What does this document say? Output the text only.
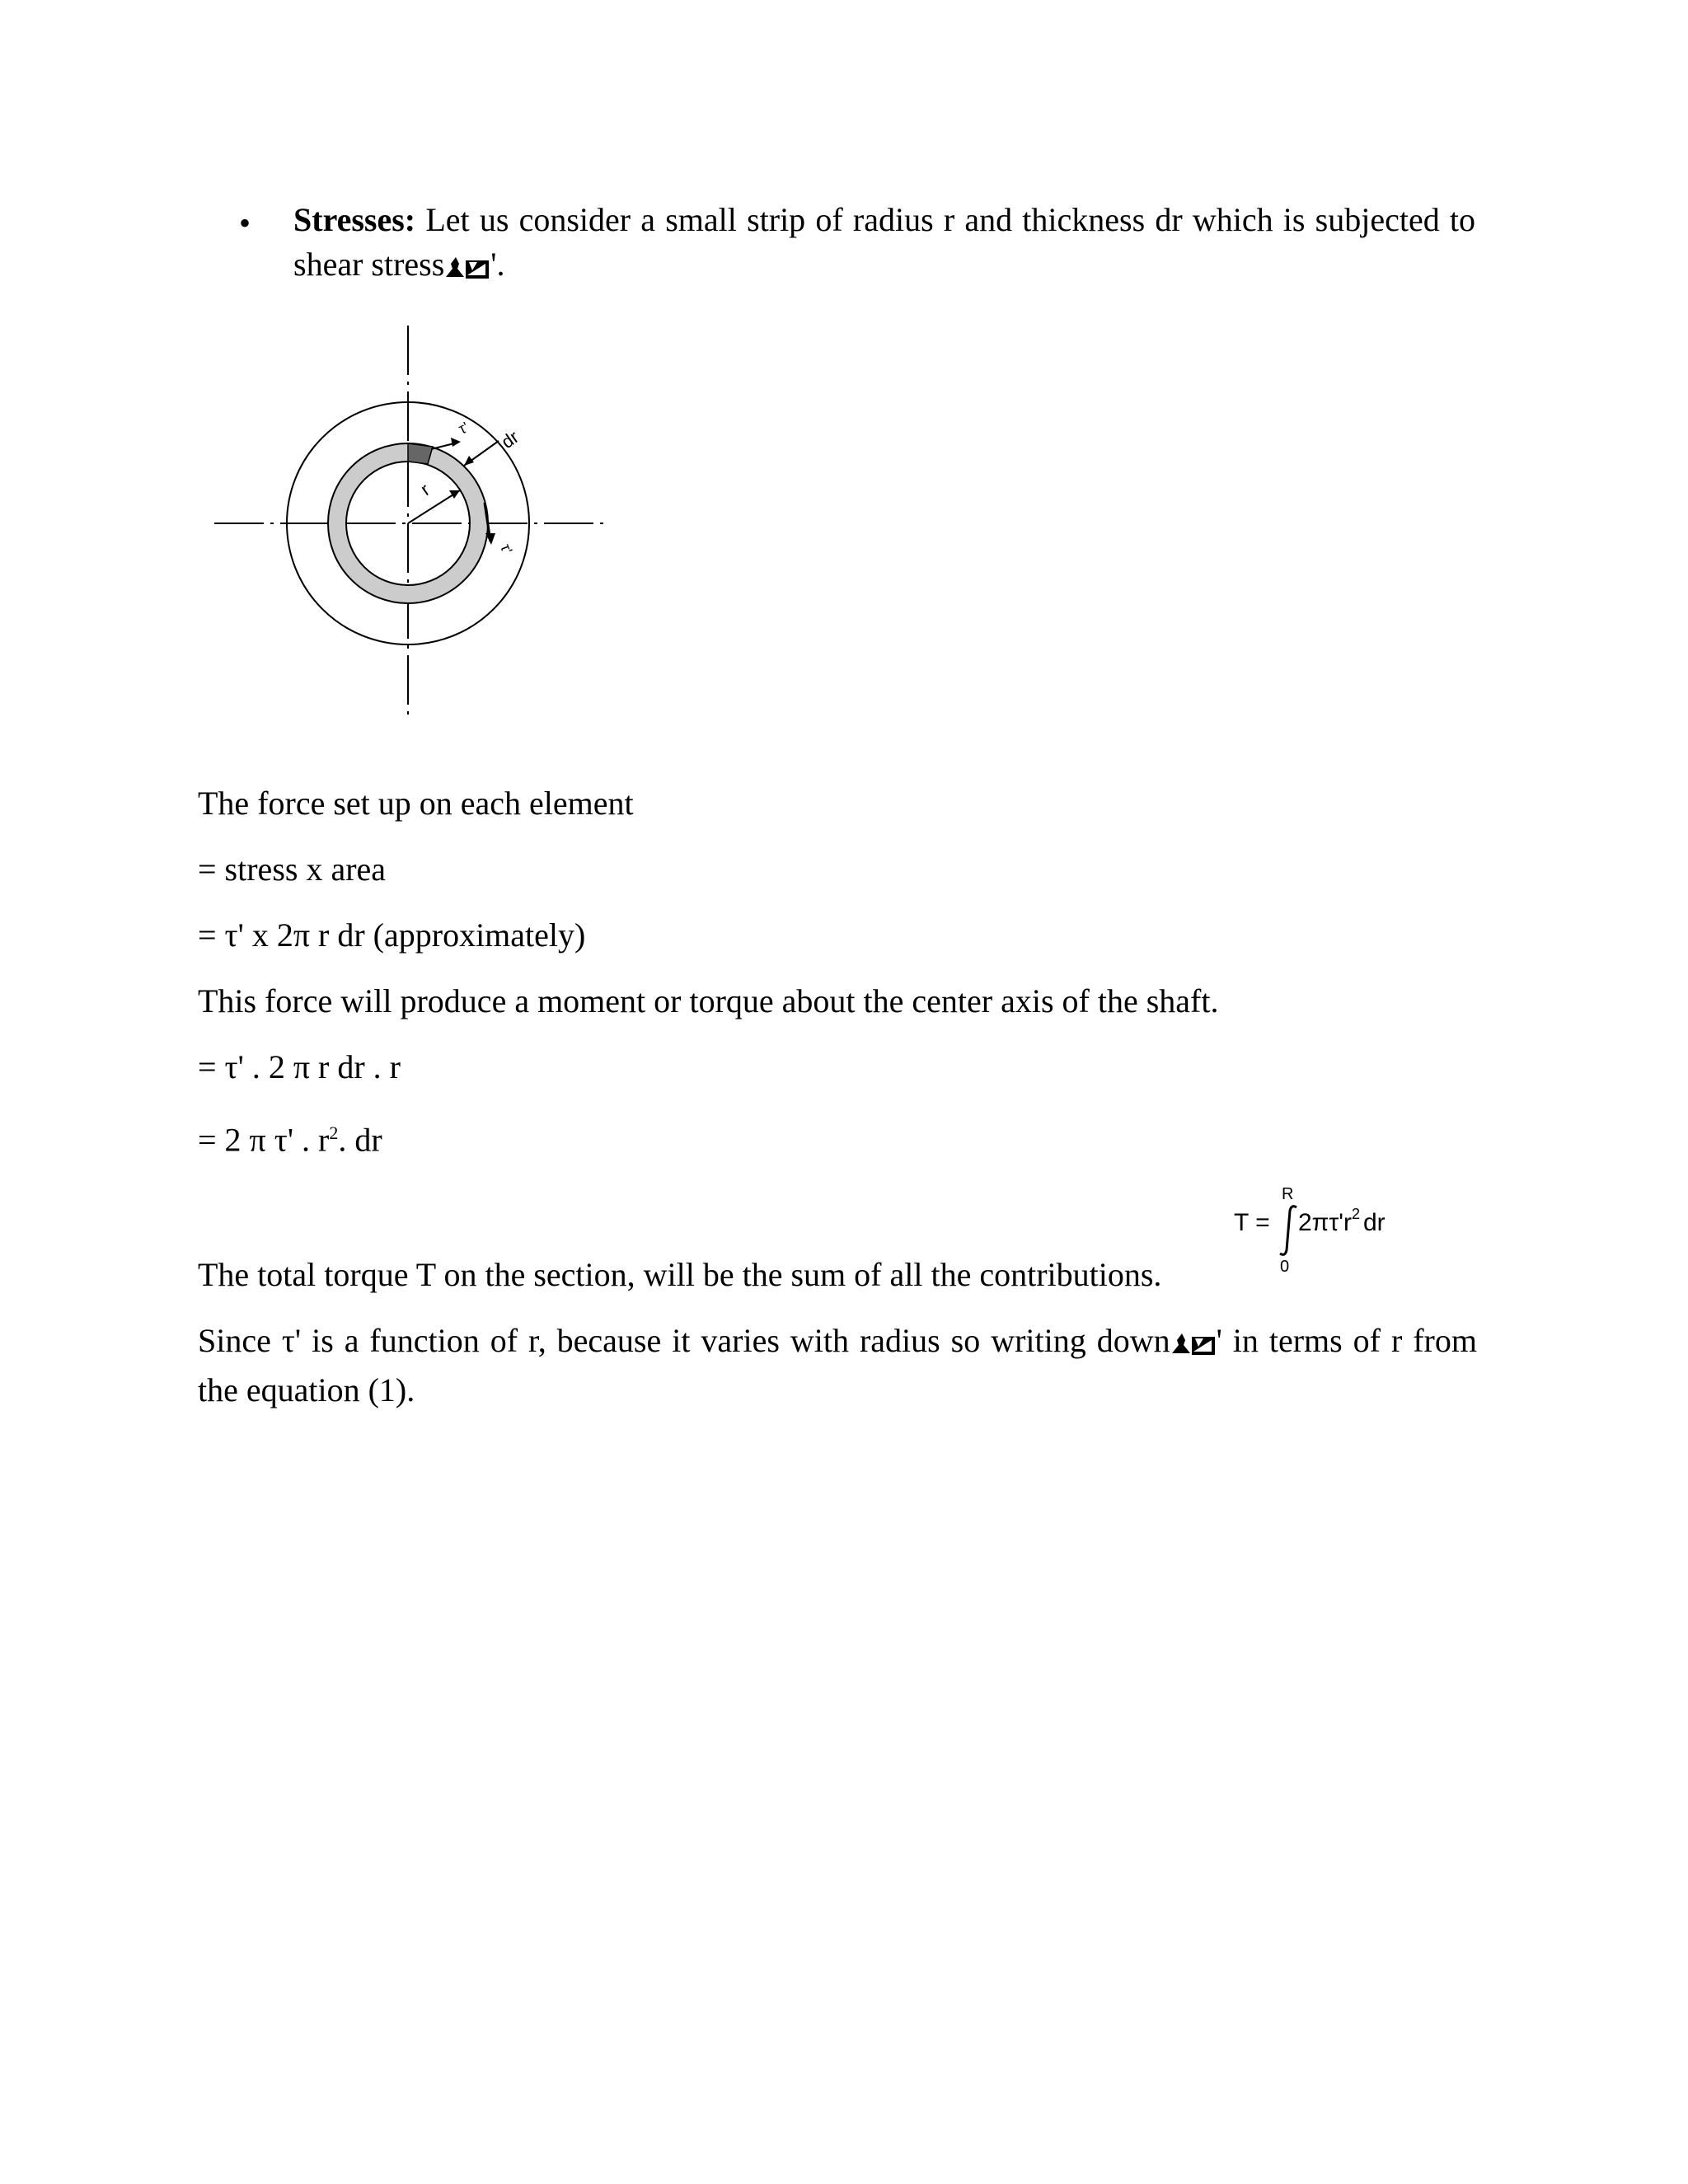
• Stresses: Let us consider a small strip of radius r and thickness dr which is subjected to shear stress '.
τ' dr
r
τ'
The force set up on each element
= stress x area
= τ' x 2π r dr (approximately)
This force will produce a moment or torque about the center axis of the shaft.
= τ' . 2 π r dr . r
= 2 π τ' . $r^2$. dr
T =
R
0
$2\pi\tau'r^2$ dr
The total torque T on the section, will be the sum of all the contributions.
Since τ' is a function of r, because it varies with radius so writing down ' in terms of r from the equation (1).
